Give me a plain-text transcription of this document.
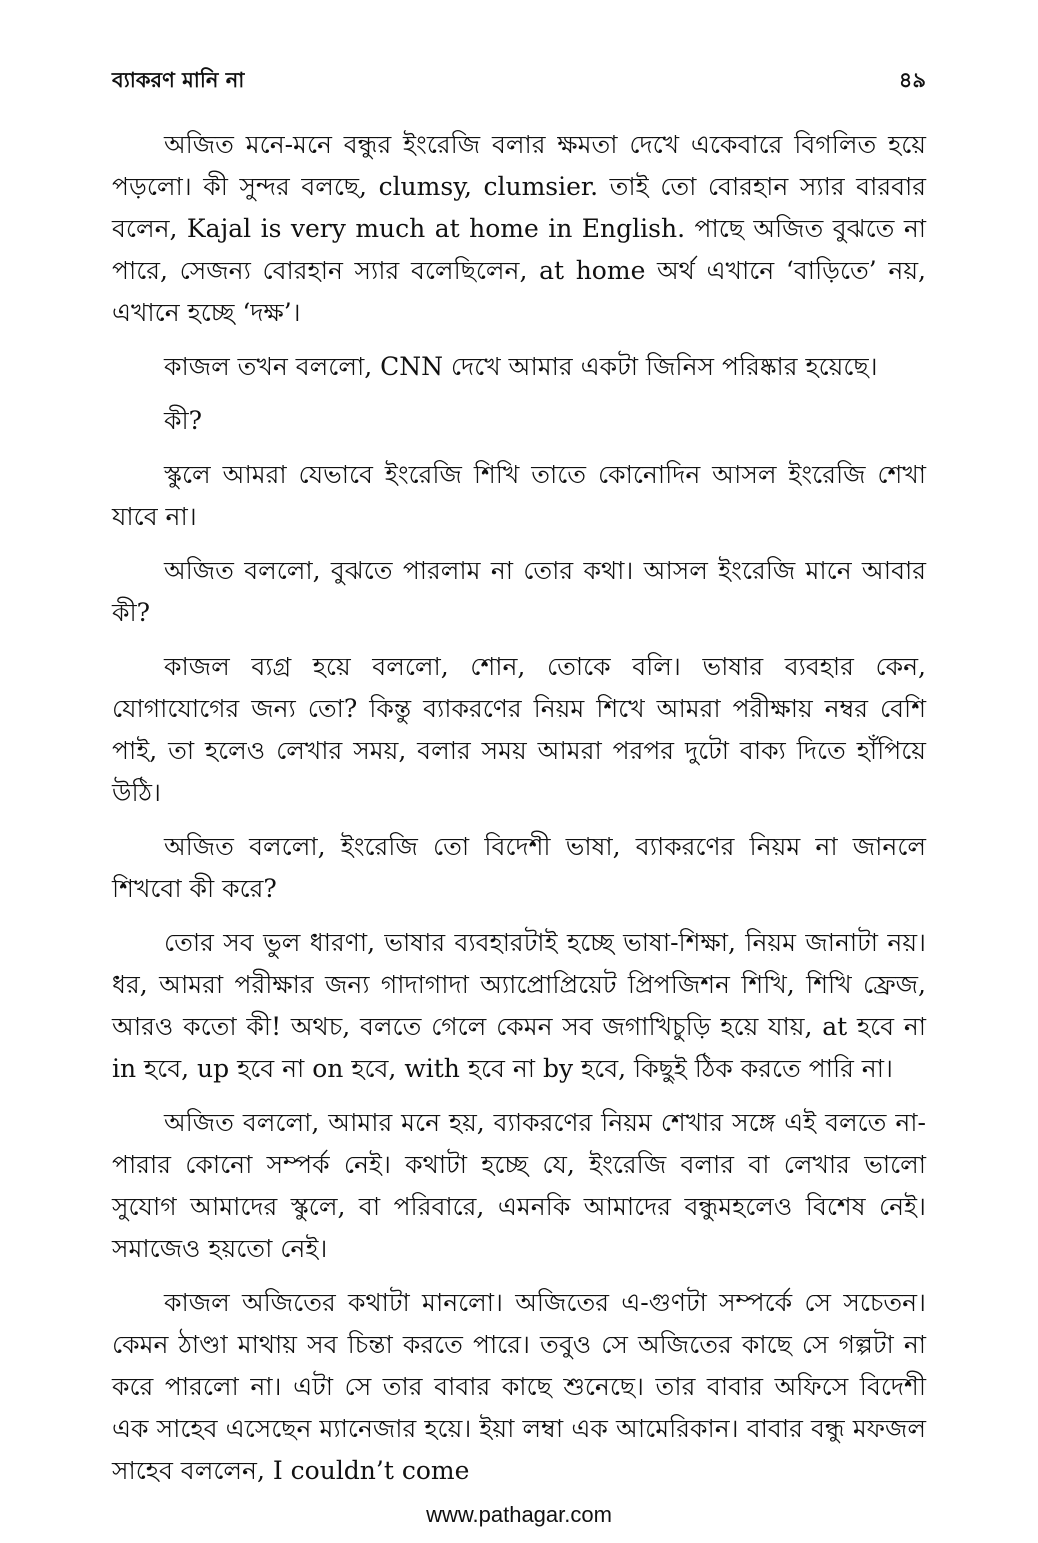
ব্যাকরণ মানি না	৪৯

অজিত মনে-মনে বন্ধুর ইংরেজি বলার ক্ষমতা দেখে একেবারে বিগলিত হয়ে পড়লো। কী সুন্দর বলছে, clumsy, clumsier. তাই তো বোরহান স্যার বারবার বলেন, Kajal is very much at home in English. পাছে অজিত বুঝতে না পারে, সেজন্য বোরহান স্যার বলেছিলেন, at home অর্থ এখানে ‘বাড়িতে’ নয়, এখানে হচ্ছে ‘দক্ষ’।

কাজল তখন বললো, CNN দেখে আমার একটা জিনিস পরিষ্কার হয়েছে।

কী?

স্কুলে আমরা যেভাবে ইংরেজি শিখি তাতে কোনোদিন আসল ইংরেজি শেখা যাবে না।

অজিত বললো, বুঝতে পারলাম না তোর কথা। আসল ইংরেজি মানে আবার কী?

কাজল ব্যগ্র হয়ে বললো, শোন, তোকে বলি। ভাষার ব্যবহার কেন, যোগাযোগের জন্য তো? কিন্তু ব্যাকরণের নিয়ম শিখে আমরা পরীক্ষায় নম্বর বেশি পাই, তা হলেও লেখার সময়, বলার সময় আমরা পরপর দুটো বাক্য দিতে হাঁপিয়ে উঠি।

অজিত বললো, ইংরেজি তো বিদেশী ভাষা, ব্যাকরণের নিয়ম না জানলে শিখবো কী করে?

তোর সব ভুল ধারণা, ভাষার ব্যবহারটাই হচ্ছে ভাষা-শিক্ষা, নিয়ম জানাটা নয়। ধর, আমরা পরীক্ষার জন্য গাদাগাদা অ্যাপ্রোপ্রিয়েট প্রিপজিশন শিখি, শিখি ফ্রেজ, আরও কতো কী! অথচ, বলতে গেলে কেমন সব জগাখিচুড়ি হয়ে যায়, at হবে না in হবে, up হবে না on হবে, with হবে না by হবে, কিছুই ঠিক করতে পারি না।

অজিত বললো, আমার মনে হয়, ব্যাকরণের নিয়ম শেখার সঙ্গে এই বলতে না-পারার কোনো সম্পর্ক নেই। কথাটা হচ্ছে যে, ইংরেজি বলার বা লেখার ভালো সুযোগ আমাদের স্কুলে, বা পরিবারে, এমনকি আমাদের বন্ধুমহলেও বিশেষ নেই। সমাজেও হয়তো নেই।

কাজল অজিতের কথাটা মানলো। অজিতের এ-গুণটা সম্পর্কে সে সচেতন। কেমন ঠাণ্ডা মাথায় সব চিন্তা করতে পারে। তবুও সে অজিতের কাছে সে গল্পটা না করে পারলো না। এটা সে তার বাবার কাছে শুনেছে। তার বাবার অফিসে বিদেশী এক সাহেব এসেছেন ম্যানেজার হয়ে। ইয়া লম্বা এক আমেরিকান। বাবার বন্ধু মফজল সাহেব বললেন, I couldn’t come

www.pathagar.com
